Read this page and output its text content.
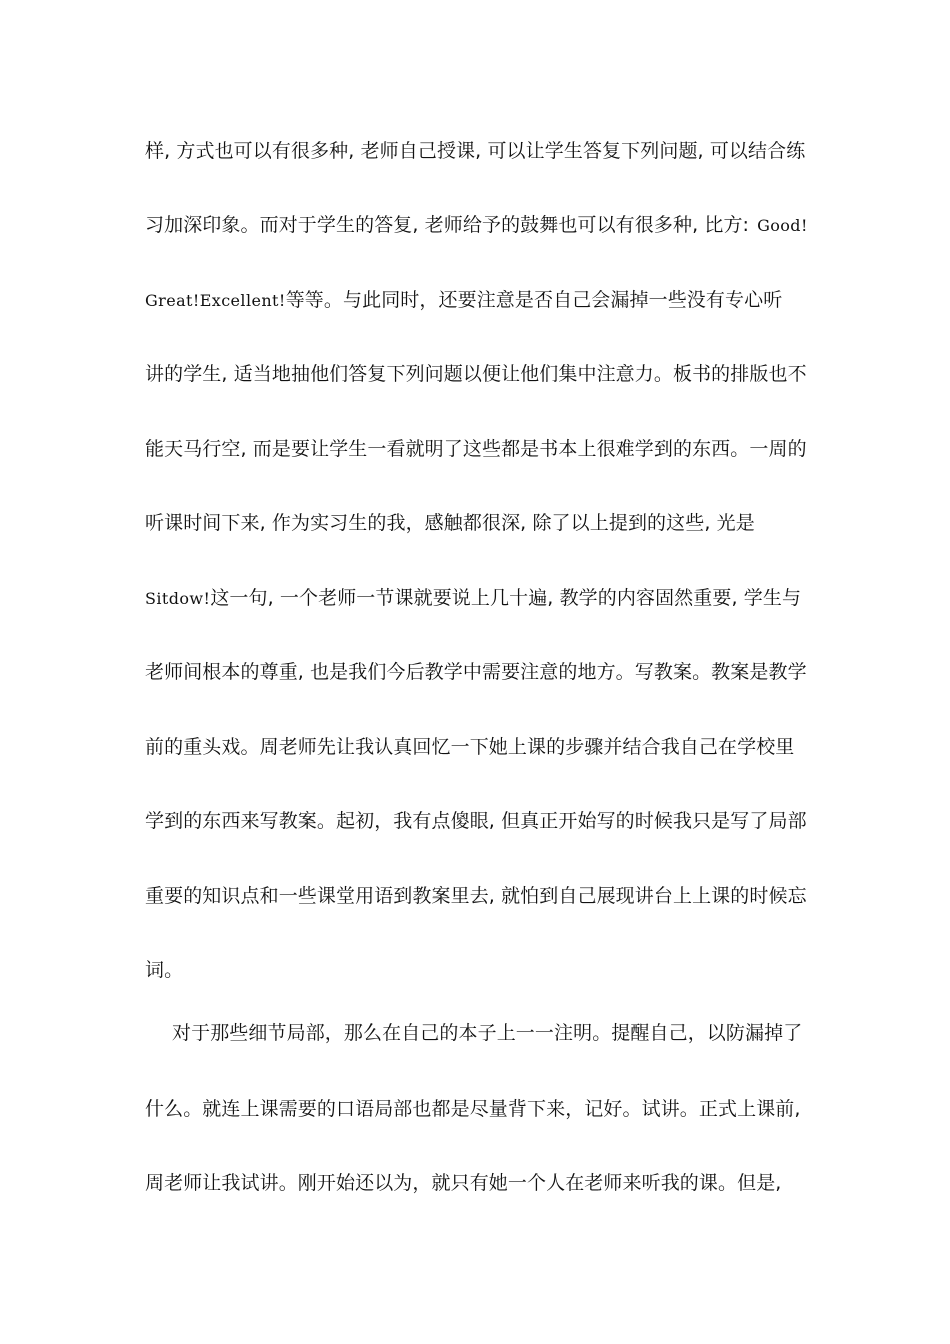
样, 方式也可以有很多种, 老师自己授课, 可以让学生答复下列问题, 可以结合练
习加深印象。而对于学生的答复, 老师给予的鼓舞也可以有很多种, 比方: Good!
Great!Excellent!等等。与此同时，还要注意是否自己会漏掉一些没有专心听
讲的学生, 适当地抽他们答复下列问题以便让他们集中注意力。板书的排版也不
能天马行空, 而是要让学生一看就明了这些都是书本上很难学到的东西。一周的
听课时间下来, 作为实习生的我，感触都很深, 除了以上提到的这些, 光是
Sitdow!这一句, 一个老师一节课就要说上几十遍, 教学的内容固然重要, 学生与
老师间根本的尊重, 也是我们今后教学中需要注意的地方。写教案。教案是教学
前的重头戏。周老师先让我认真回忆一下她上课的步骤并结合我自己在学校里
学到的东西来写教案。起初，我有点傻眼, 但真正开始写的时候我只是写了局部
重要的知识点和一些课堂用语到教案里去, 就怕到自己展现讲台上上课的时候忘
词。
对于那些细节局部，那么在自己的本子上一一注明。提醒自己，以防漏掉了
什么。就连上课需要的口语局部也都是尽量背下来，记好。试讲。正式上课前,
周老师让我试讲。刚开始还以为，就只有她一个人在老师来听我的课。但是,
